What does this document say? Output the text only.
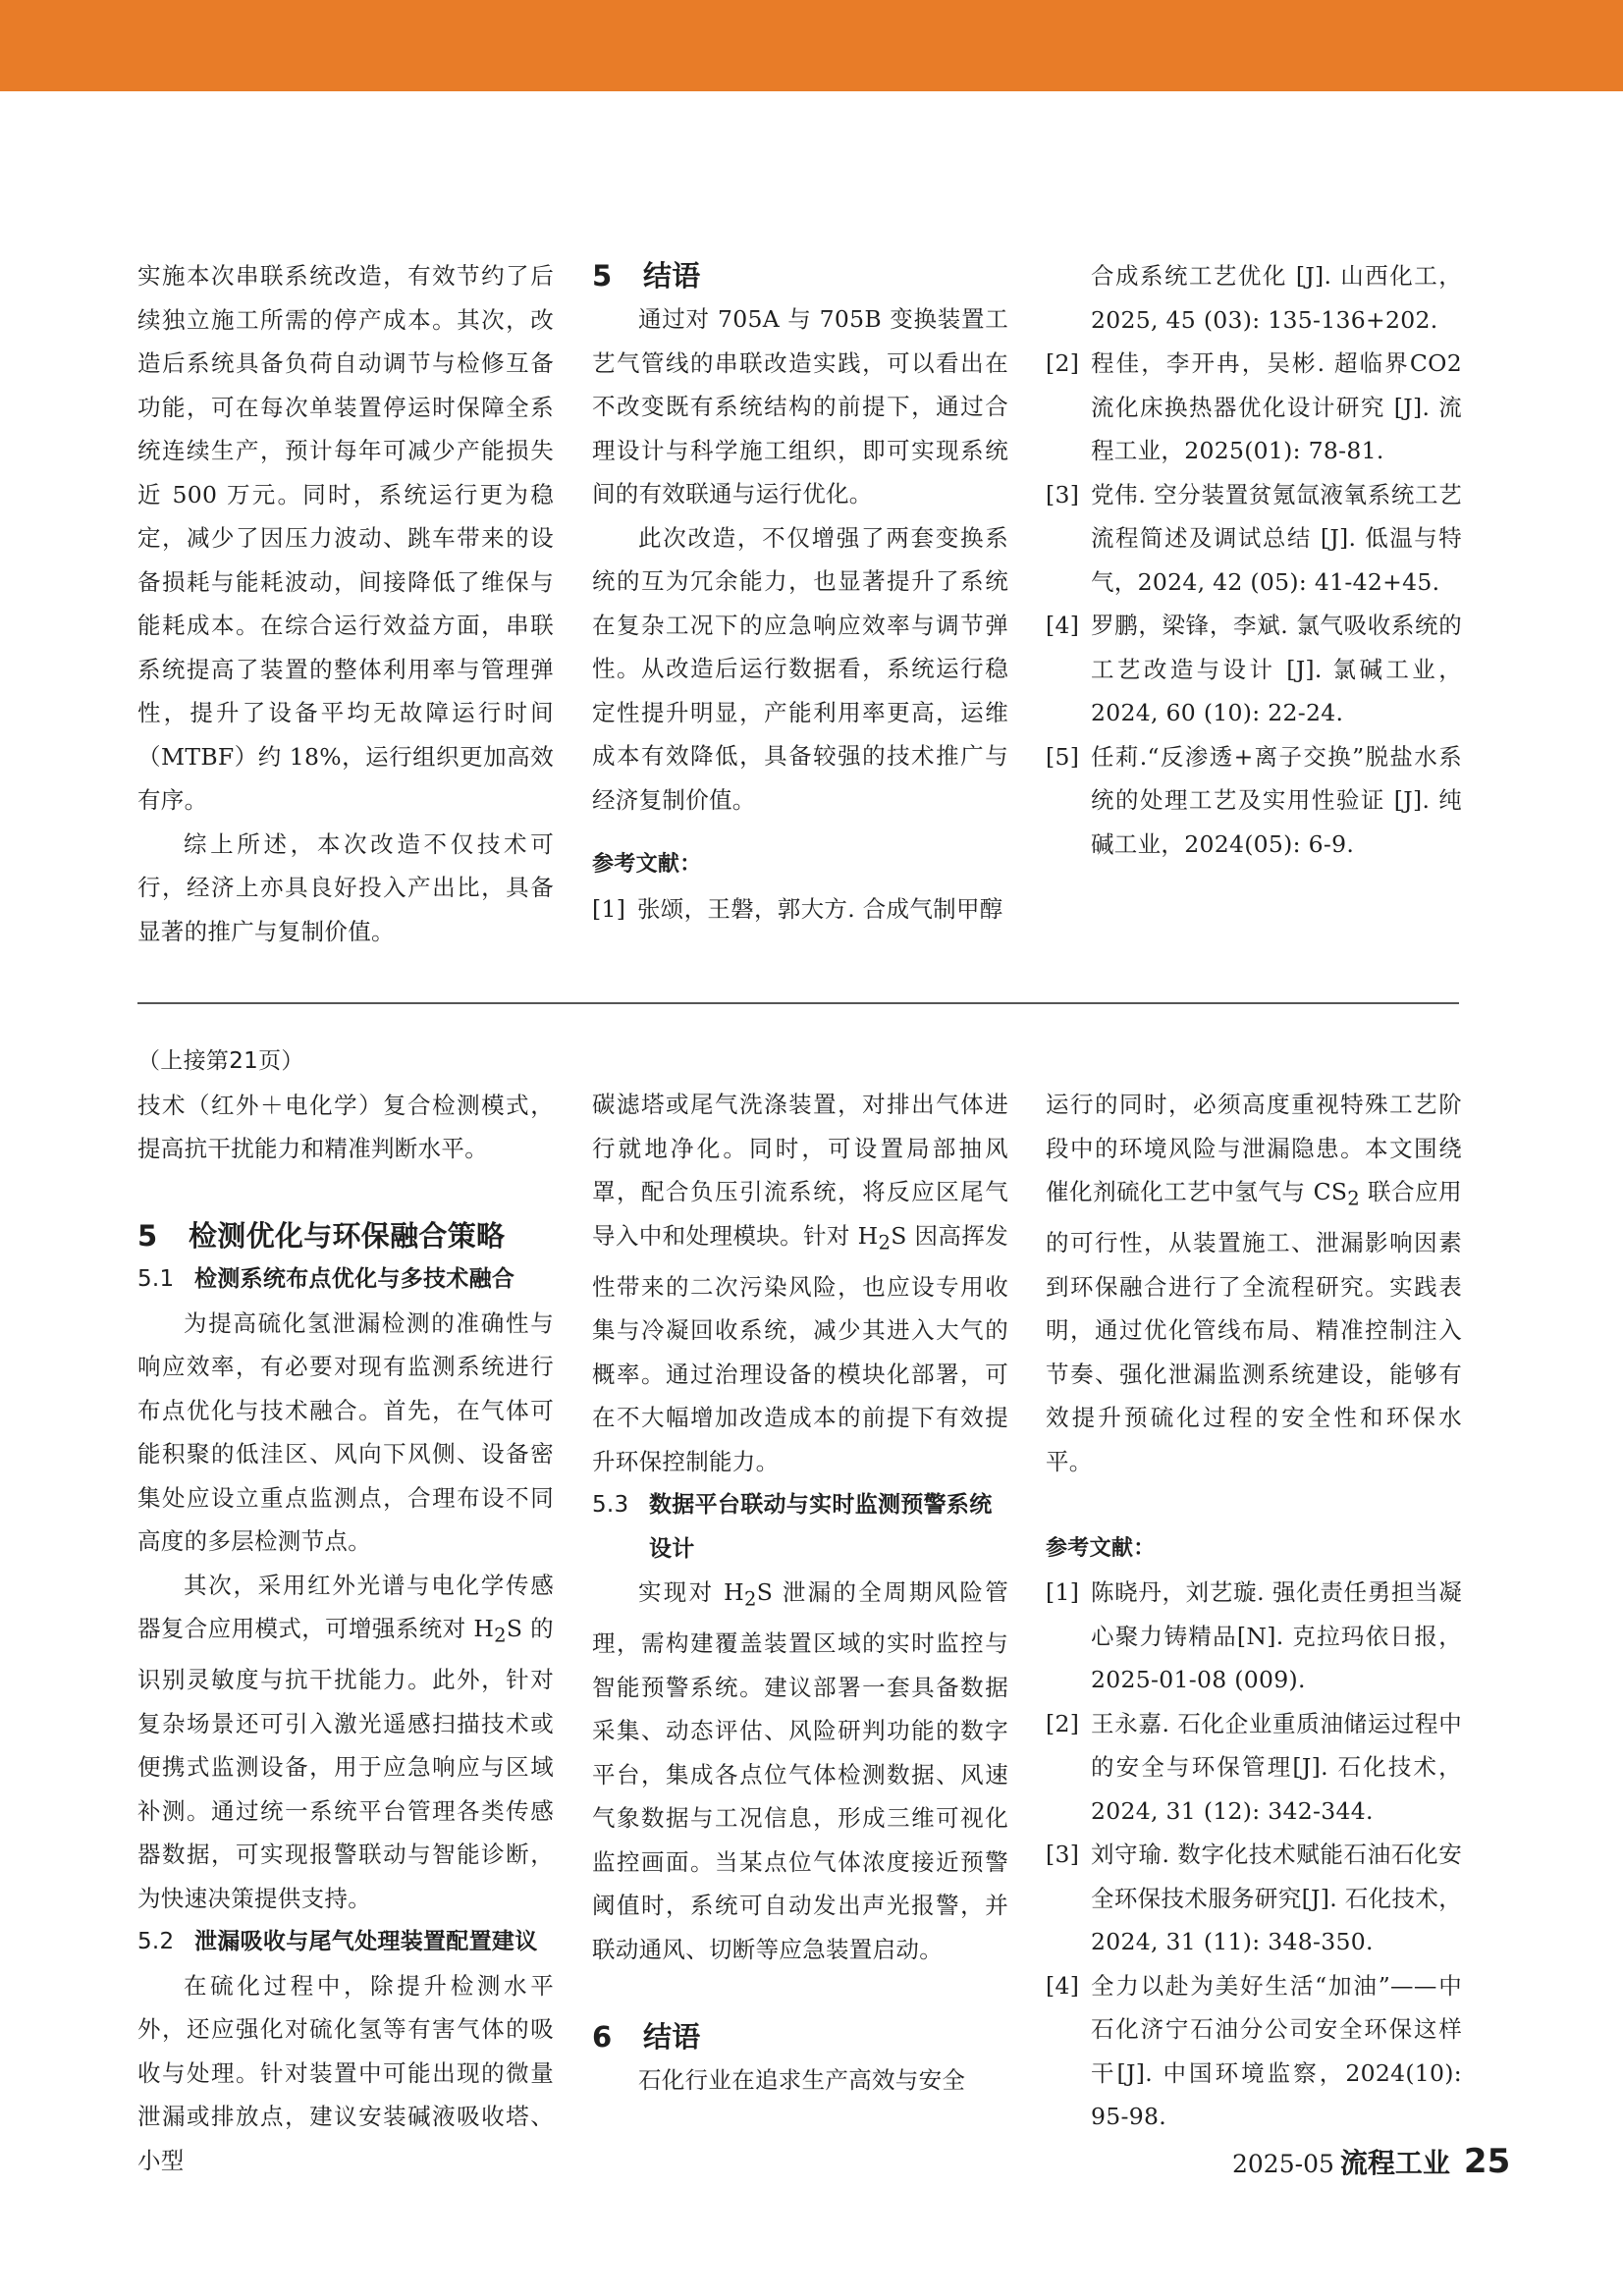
实施本次串联系统改造，有效节约了后续独立施工所需的停产成本。其次，改造后系统具备负荷自动调节与检修互备功能，可在每次单装置停运时保障全系统连续生产，预计每年可减少产能损失近 500 万元。同时，系统运行更为稳定，减少了因压力波动、跳车带来的设备损耗与能耗波动，间接降低了维保与能耗成本。在综合运行效益方面，串联系统提高了装置的整体利用率与管理弹性，提升了设备平均无故障运行时间（MTBF）约 18%，运行组织更加高效有序。

综上所述，本次改造不仅技术可行，经济上亦具良好投入产出比，具备显著的推广与复制价值。

5 结语

通过对 705A 与 705B 变换装置工艺气管线的串联改造实践，可以看出在不改变既有系统结构的前提下，通过合理设计与科学施工组织，即可实现系统间的有效联通与运行优化。

此次改造，不仅增强了两套变换系统的互为冗余能力，也显著提升了系统在复杂工况下的应急响应效率与调节弹性。从改造后运行数据看，系统运行稳定性提升明显，产能利用率更高，运维成本有效降低，具备较强的技术推广与经济复制价值。

参考文献：
[1] 张颂，王磐，郭大方. 合成气制甲醇
合成系统工艺优化 [J]. 山西化工，2025, 45 (03): 135-136+202.
[2] 程佳，李开冉，吴彬. 超临界CO2流化床换热器优化设计研究 [J]. 流程工业，2025(01): 78-81.
[3] 党伟. 空分装置贫氪氙液氧系统工艺流程简述及调试总结 [J]. 低温与特气，2024, 42 (05): 41-42+45.
[4] 罗鹏，梁锋，李斌. 氯气吸收系统的工艺改造与设计 [J]. 氯碱工业，2024, 60 (10): 22-24.
[5] 任莉.“反渗透+离子交换”脱盐水系统的处理工艺及实用性验证 [J]. 纯碱工业，2024(05): 6-9.
（上接第21页）

技术（红外＋电化学）复合检测模式，提高抗干扰能力和精准判断水平。

5 检测优化与环保融合策略
5.1 检测系统布点优化与多技术融合

为提高硫化氢泄漏检测的准确性与响应效率，有必要对现有监测系统进行布点优化与技术融合。首先，在气体可能积聚的低洼区、风向下风侧、设备密集处应设立重点监测点，合理布设不同高度的多层检测节点。

其次，采用红外光谱与电化学传感器复合应用模式，可增强系统对 $H_2S$ 的识别灵敏度与抗干扰能力。此外，针对复杂场景还可引入激光遥感扫描技术或便携式监测设备，用于应急响应与区域补测。通过统一系统平台管理各类传感器数据，可实现报警联动与智能诊断，为快速决策提供支持。

5.2 泄漏吸收与尾气处理装置配置建议

在硫化过程中，除提升检测水平外，还应强化对硫化氢等有害气体的吸收与处理。针对装置中可能出现的微量泄漏或排放点，建议安装碱液吸收塔、小型

碳滤塔或尾气洗涤装置，对排出气体进行就地净化。同时，可设置局部抽风罩，配合负压引流系统，将反应区尾气导入中和处理模块。针对 $H_2S$ 因高挥发性带来的二次污染风险，也应设专用收集与冷凝回收系统，减少其进入大气的概率。通过治理设备的模块化部署，可在不大幅增加改造成本的前提下有效提升环保控制能力。

5.3 数据平台联动与实时监测预警系统设计

实现对 $H_2S$ 泄漏的全周期风险管理，需构建覆盖装置区域的实时监控与智能预警系统。建议部署一套具备数据采集、动态评估、风险研判功能的数字平台，集成各点位气体检测数据、风速气象数据与工况信息，形成三维可视化监控画面。当某点位气体浓度接近预警阈值时，系统可自动发出声光报警，并联动通风、切断等应急装置启动。

6 结语

石化行业在追求生产高效与安全

运行的同时，必须高度重视特殊工艺阶段中的环境风险与泄漏隐患。本文围绕催化剂硫化工艺中氢气与 $CS_2$ 联合应用的可行性，从装置施工、泄漏影响因素到环保融合进行了全流程研究。实践表明，通过优化管线布局、精准控制注入节奏、强化泄漏监测系统建设，能够有效提升预硫化过程的安全性和环保水平。

参考文献：
[1] 陈晓丹，刘艺璇. 强化责任勇担当凝心聚力铸精品[N]. 克拉玛依日报，2025-01-08 (009).
[2] 王永嘉. 石化企业重质油储运过程中的安全与环保管理[J]. 石化技术，2024, 31 (12): 342-344.
[3] 刘守瑜. 数字化技术赋能石油石化安全环保技术服务研究[J]. 石化技术，2024, 31 (11): 348-350.
[4] 全力以赴为美好生活“加油”——中石化济宁石油分公司安全环保这样干[J]. 中国环境监察，2024(10): 95-98.
2025-05 流程工业 25
